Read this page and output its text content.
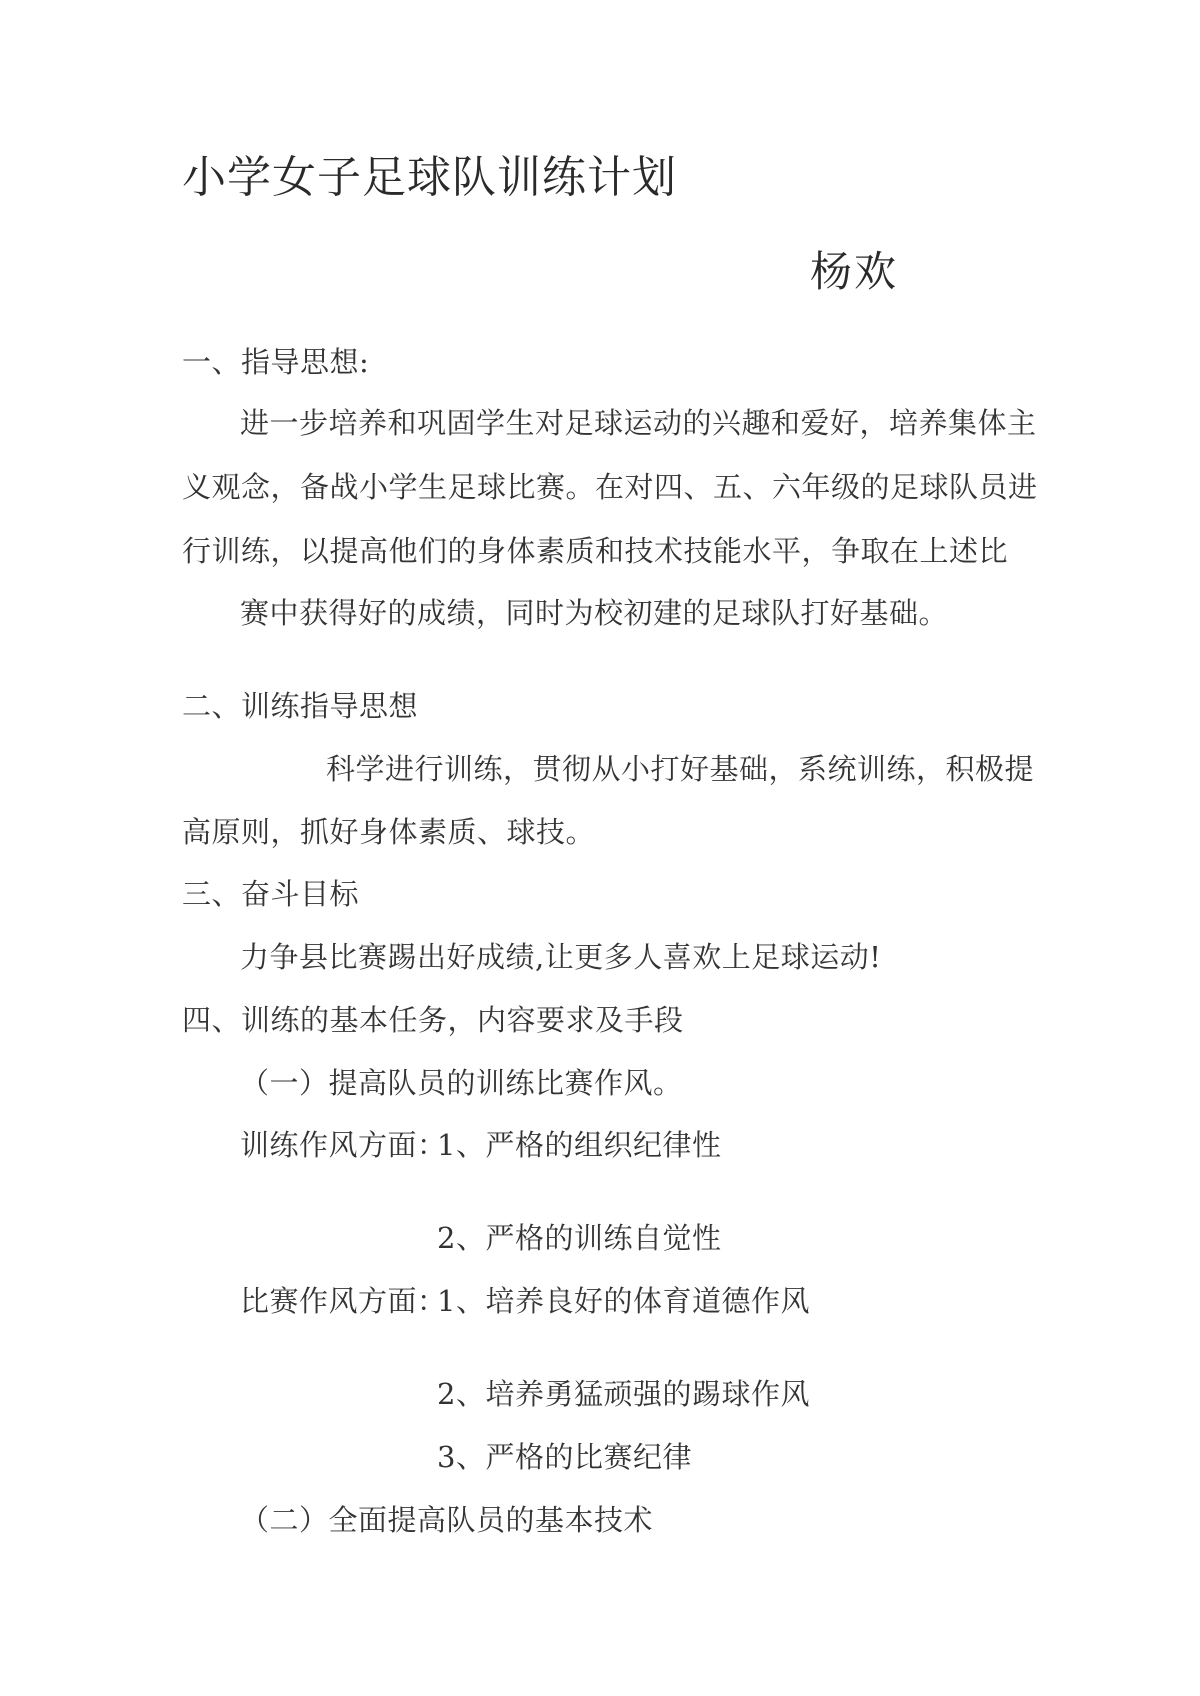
小学女子足球队训练计划
杨欢
一、指导思想:
进一步培养和巩固学生对足球运动的兴趣和爱好，培养集体主
义观念，备战小学生足球比赛。在对四、五、六年级的足球队员进
行训练，以提高他们的身体素质和技术技能水平，争取在上述比
赛中获得好的成绩，同时为校初建的足球队打好基础。
二、训练指导思想
科学进行训练，贯彻从小打好基础，系统训练，积极提
高原则，抓好身体素质、球技。
三、奋斗目标
力争县比赛踢出好成绩,让更多人喜欢上足球运动!
四、训练的基本任务，内容要求及手段
（一）提高队员的训练比赛作风。
训练作风方面：
1、严格的组织纪律性
2、严格的训练自觉性
比赛作风方面：
1、培养良好的体育道德作风
2、培养勇猛顽强的踢球作风
3、严格的比赛纪律
（二）全面提高队员的基本技术
